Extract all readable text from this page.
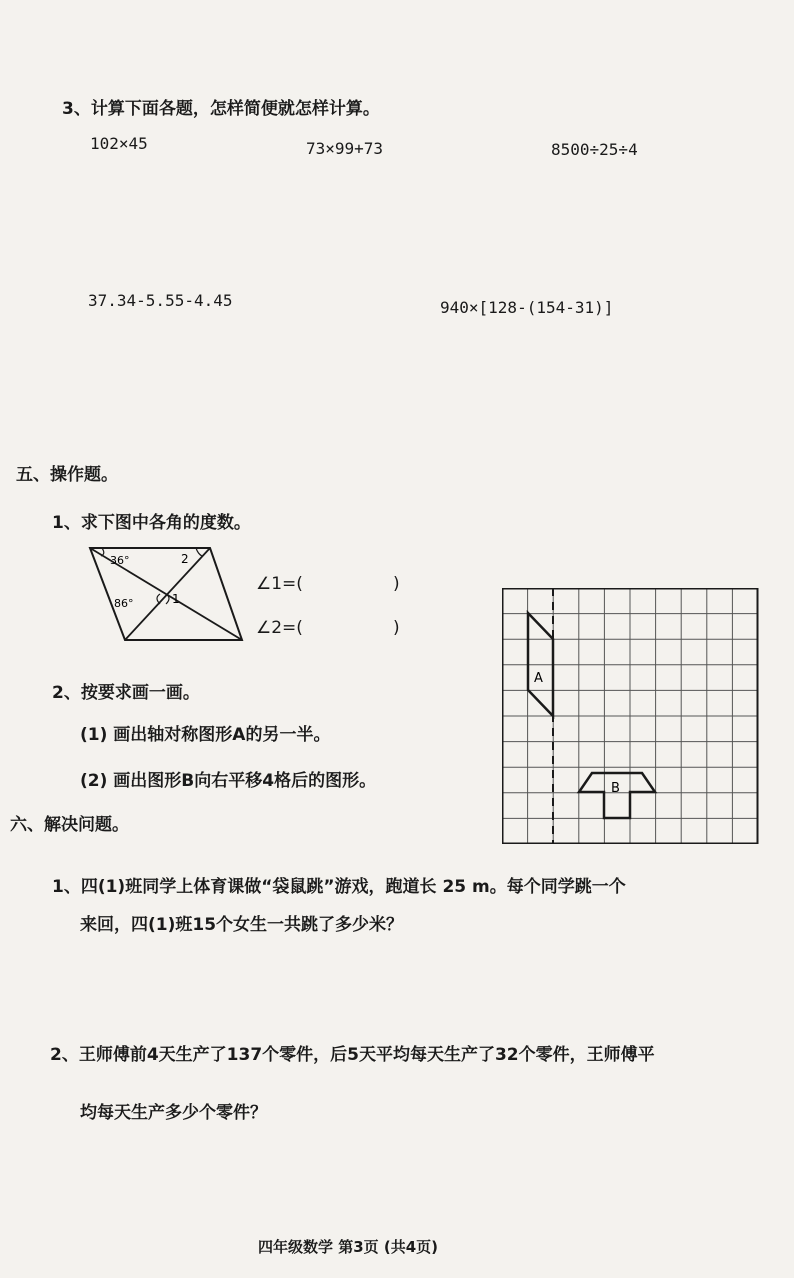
3、计算下面各题，怎样简便就怎样计算。
102×45	73×99+73	8500÷25÷4
37.34-5.55-4.45	940×[128-(154-31)]
五、操作题。
1、求下图中各角的度数。
36°	2
86°	1
∠1=(	)
∠2=(	)
2、按要求画一画。
(1) 画出轴对称图形A的另一半。
(2) 画出图形B向右平移4格后的图形。
A
B
六、解决问题。
1、四(1)班同学上体育课做“袋鼠跳”游戏，跑道长 25 m。每个同学跳一个
来回，四(1)班15个女生一共跳了多少米？
2、王师傅前4天生产了137个零件，后5天平均每天生产了32个零件，王师傅平
均每天生产多少个零件？
四年级数学 第3页 (共4页)
